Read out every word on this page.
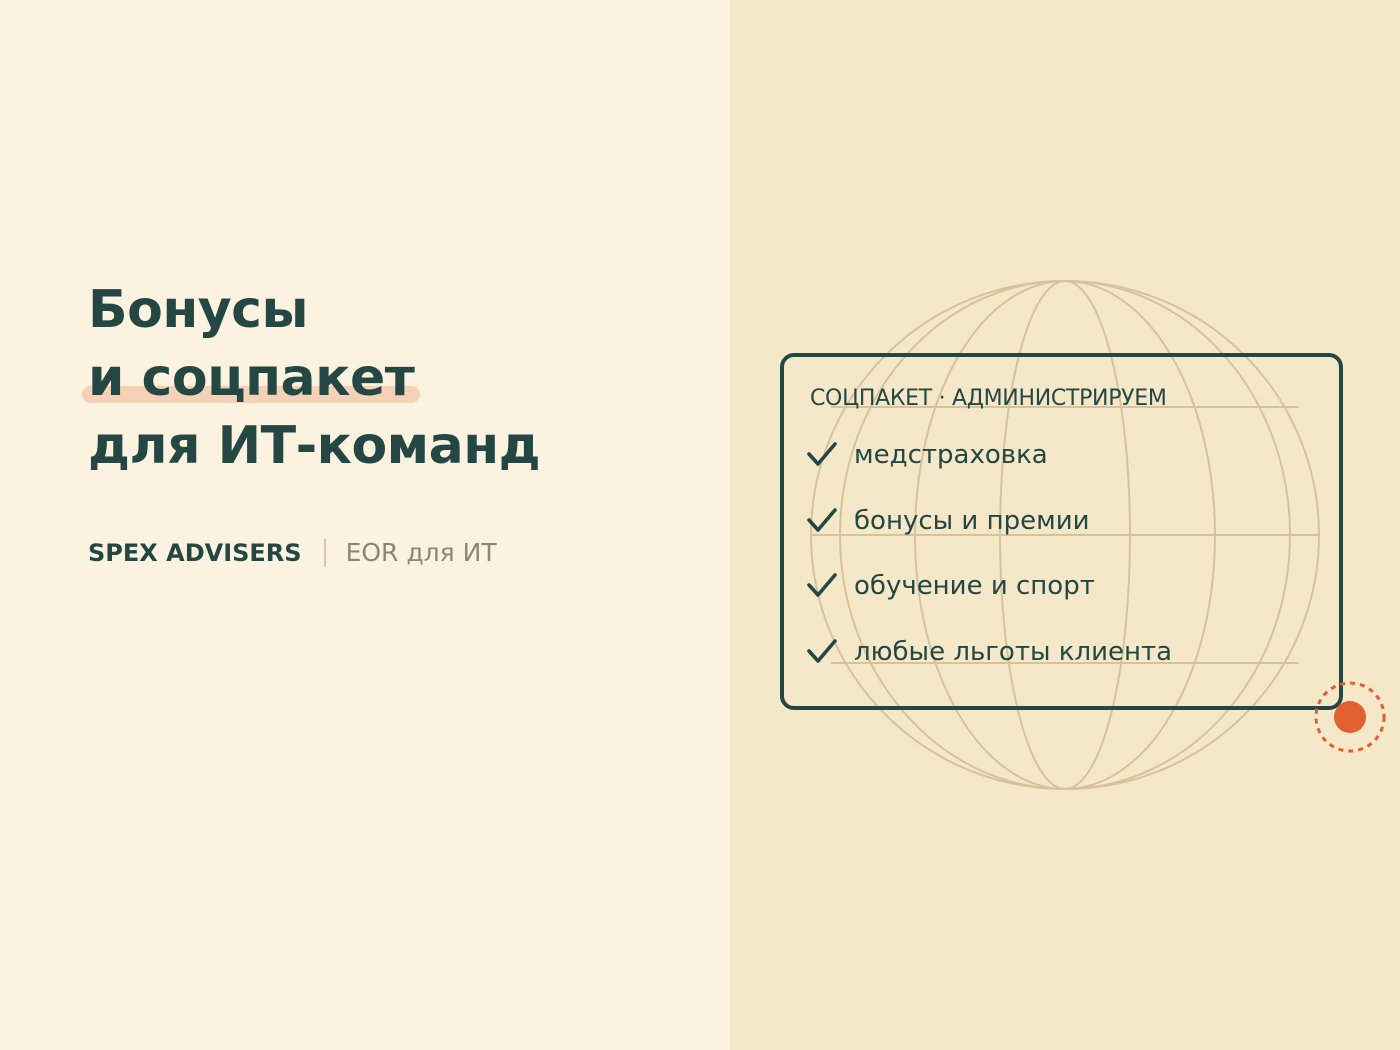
Бонусы
и соцпакет
для ИТ-команд
SPEX ADVISERS EOR для ИТ
СОЦПАКЕТ · АДМИНИСТРИРУЕМ
медстраховка
бонусы и премии
обучение и спорт
любые льготы клиента
